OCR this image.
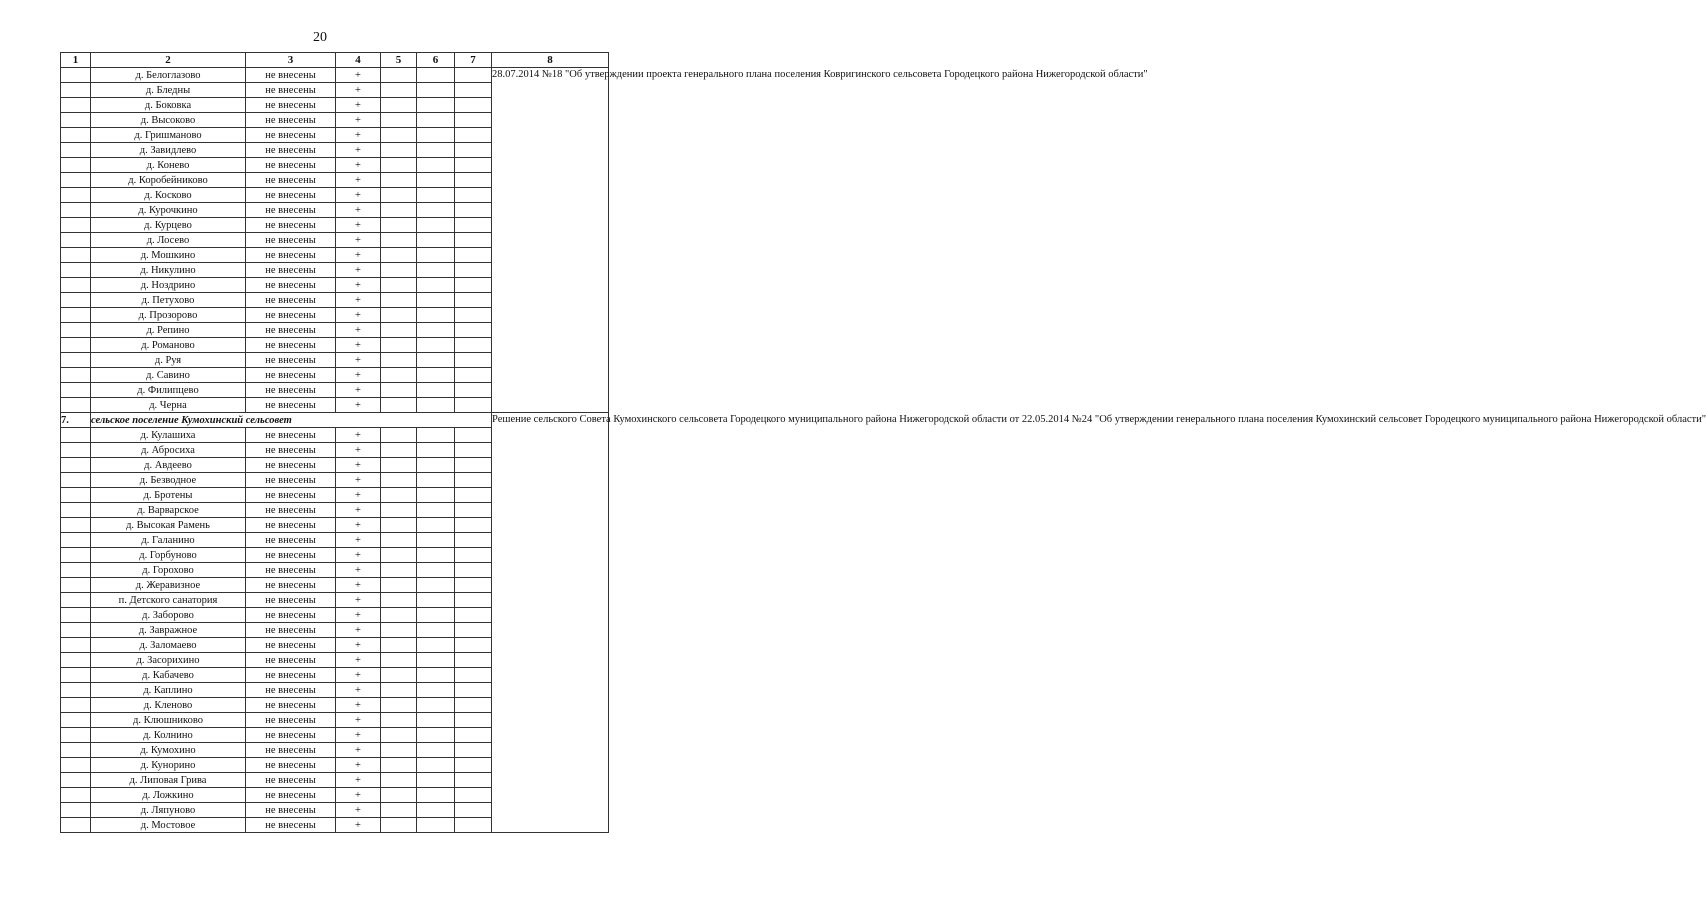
20
1	2	3	4	5	6	7	8
	д. Белоглазово	не внесены	+				28.07.2014 №18 "Об утверждении проекта генерального плана поселения Ковригинского сельсовета Городецкого района Нижегородской области"
	д. Бледны	не внесены	+				
	д. Боковка	не внесены	+				
	д. Высоково	не внесены	+				
	д. Гришманово	не внесены	+				
	д. Завидлево	не внесены	+				
	д. Конево	не внесены	+				
	д. Коробейниково	не внесены	+				
	д. Косково	не внесены	+				
	д. Курочкино	не внесены	+				
	д. Курцево	не внесены	+				
	д. Лосево	не внесены	+				
	д. Мошкино	не внесены	+				
	д. Никулино	не внесены	+				
	д. Ноздрино	не внесены	+				
	д. Петухово	не внесены	+				
	д. Прозорово	не внесены	+				
	д. Репино	не внесены	+				
	д. Романово	не внесены	+				
	д. Руя	не внесены	+				
	д. Савино	не внесены	+				
	д. Филипцево	не внесены	+				
	д. Черна	не внесены	+				
7.	сельское поселение Кумохинский сельсовет						Решение сельского Совета Кумохинского сельсовета Городецкого муниципального района Нижегородской области от 22.05.2014 №24 "Об утверждении генерального плана поселения Кумохинский сельсовет Городецкого муниципального района Нижегородской области"
	д. Кулашиха	не внесены	+				
	д. Абросиха	не внесены	+				
	д. Авдеево	не внесены	+				
	д. Безводное	не внесены	+				
	д. Бротены	не внесены	+				
	д. Варварское	не внесены	+				
	д. Высокая Рамень	не внесены	+				
	д. Галанино	не внесены	+				
	д. Горбуново	не внесены	+				
	д. Горохово	не внесены	+				
	д. Жеравизное	не внесены	+				
	п. Детского санатория	не внесены	+				
	д. Заборово	не внесены	+				
	д. Завражное	не внесены	+				
	д. Заломаево	не внесены	+				
	д. Засорихино	не внесены	+				
	д. Кабачево	не внесены	+				
	д. Каплино	не внесены	+				
	д. Кленово	не внесены	+				
	д. Клюшниково	не внесены	+				
	д. Колнино	не внесены	+				
	д. Кумохино	не внесены	+				
	д. Кунорино	не внесены	+				
	д. Липовая Грива	не внесены	+				
	д. Ложкино	не внесены	+				
	д. Ляпуново	не внесены	+				
	д. Мостовое	не внесены	+				
